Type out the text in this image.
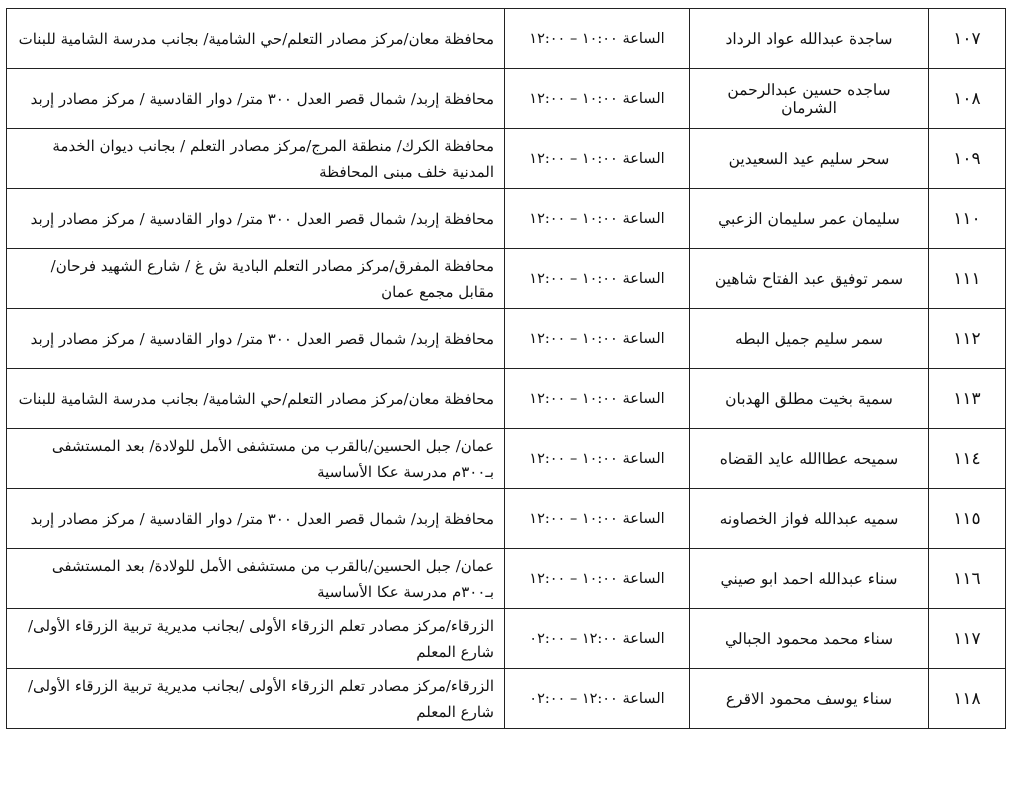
١٠٧	ساجدة عبدالله عواد الرداد	الساعة ١٠:٠٠ – ١٢:٠٠	محافظة معان/مركز مصادر التعلم/حي الشامية/ بجانب مدرسة الشامية للبنات
١٠٨	ساجده حسين عبدالرحمن الشرمان	الساعة ١٠:٠٠ – ١٢:٠٠	محافظة إربد/ شمال قصر العدل ٣٠٠ متر/ دوار القادسية / مركز مصادر إربد
١٠٩	سحر سليم عيد السعيدين	الساعة ١٠:٠٠ – ١٢:٠٠	محافظة الكرك/ منطقة المرج/مركز مصادر التعلم / بجانب ديوان الخدمة المدنية خلف مبنى المحافظة
١١٠	سليمان عمر سليمان الزعبي	الساعة ١٠:٠٠ – ١٢:٠٠	محافظة إربد/ شمال قصر العدل ٣٠٠ متر/ دوار القادسية / مركز مصادر إربد
١١١	سمر توفيق عبد الفتاح شاهين	الساعة ١٠:٠٠ – ١٢:٠٠	محافظة المفرق/مركز مصادر التعلم البادية ش غ / شارع الشهيد فرحان/ مقابل مجمع عمان
١١٢	سمر سليم جميل البطه	الساعة ١٠:٠٠ – ١٢:٠٠	محافظة إربد/ شمال قصر العدل ٣٠٠ متر/ دوار القادسية / مركز مصادر إربد
١١٣	سمية بخيت مطلق الهدبان	الساعة ١٠:٠٠ – ١٢:٠٠	محافظة معان/مركز مصادر التعلم/حي الشامية/ بجانب مدرسة الشامية للبنات
١١٤	سميحه عطاالله عايد القضاه	الساعة ١٠:٠٠ – ١٢:٠٠	عمان/ جبل الحسين/بالقرب من مستشفى الأمل للولادة/ بعد المستشفى بـ٣٠٠م مدرسة عكا الأساسية
١١٥	سميه عبدالله فواز الخصاونه	الساعة ١٠:٠٠ – ١٢:٠٠	محافظة إربد/ شمال قصر العدل ٣٠٠ متر/ دوار القادسية / مركز مصادر إربد
١١٦	سناء عبدالله احمد ابو صيني	الساعة ١٠:٠٠ – ١٢:٠٠	عمان/ جبل الحسين/بالقرب من مستشفى الأمل للولادة/ بعد المستشفى بـ٣٠٠م مدرسة عكا الأساسية
١١٧	سناء محمد محمود الجبالي	الساعة ١٢:٠٠ – ٠٢:٠٠	الزرقاء/مركز مصادر تعلم الزرقاء الأولى /بجانب مديرية تربية الزرقاء الأولى/ شارع المعلم
١١٨	سناء يوسف محمود الاقرع	الساعة ١٢:٠٠ – ٠٢:٠٠	الزرقاء/مركز مصادر تعلم الزرقاء الأولى /بجانب مديرية تربية الزرقاء الأولى/ شارع المعلم
